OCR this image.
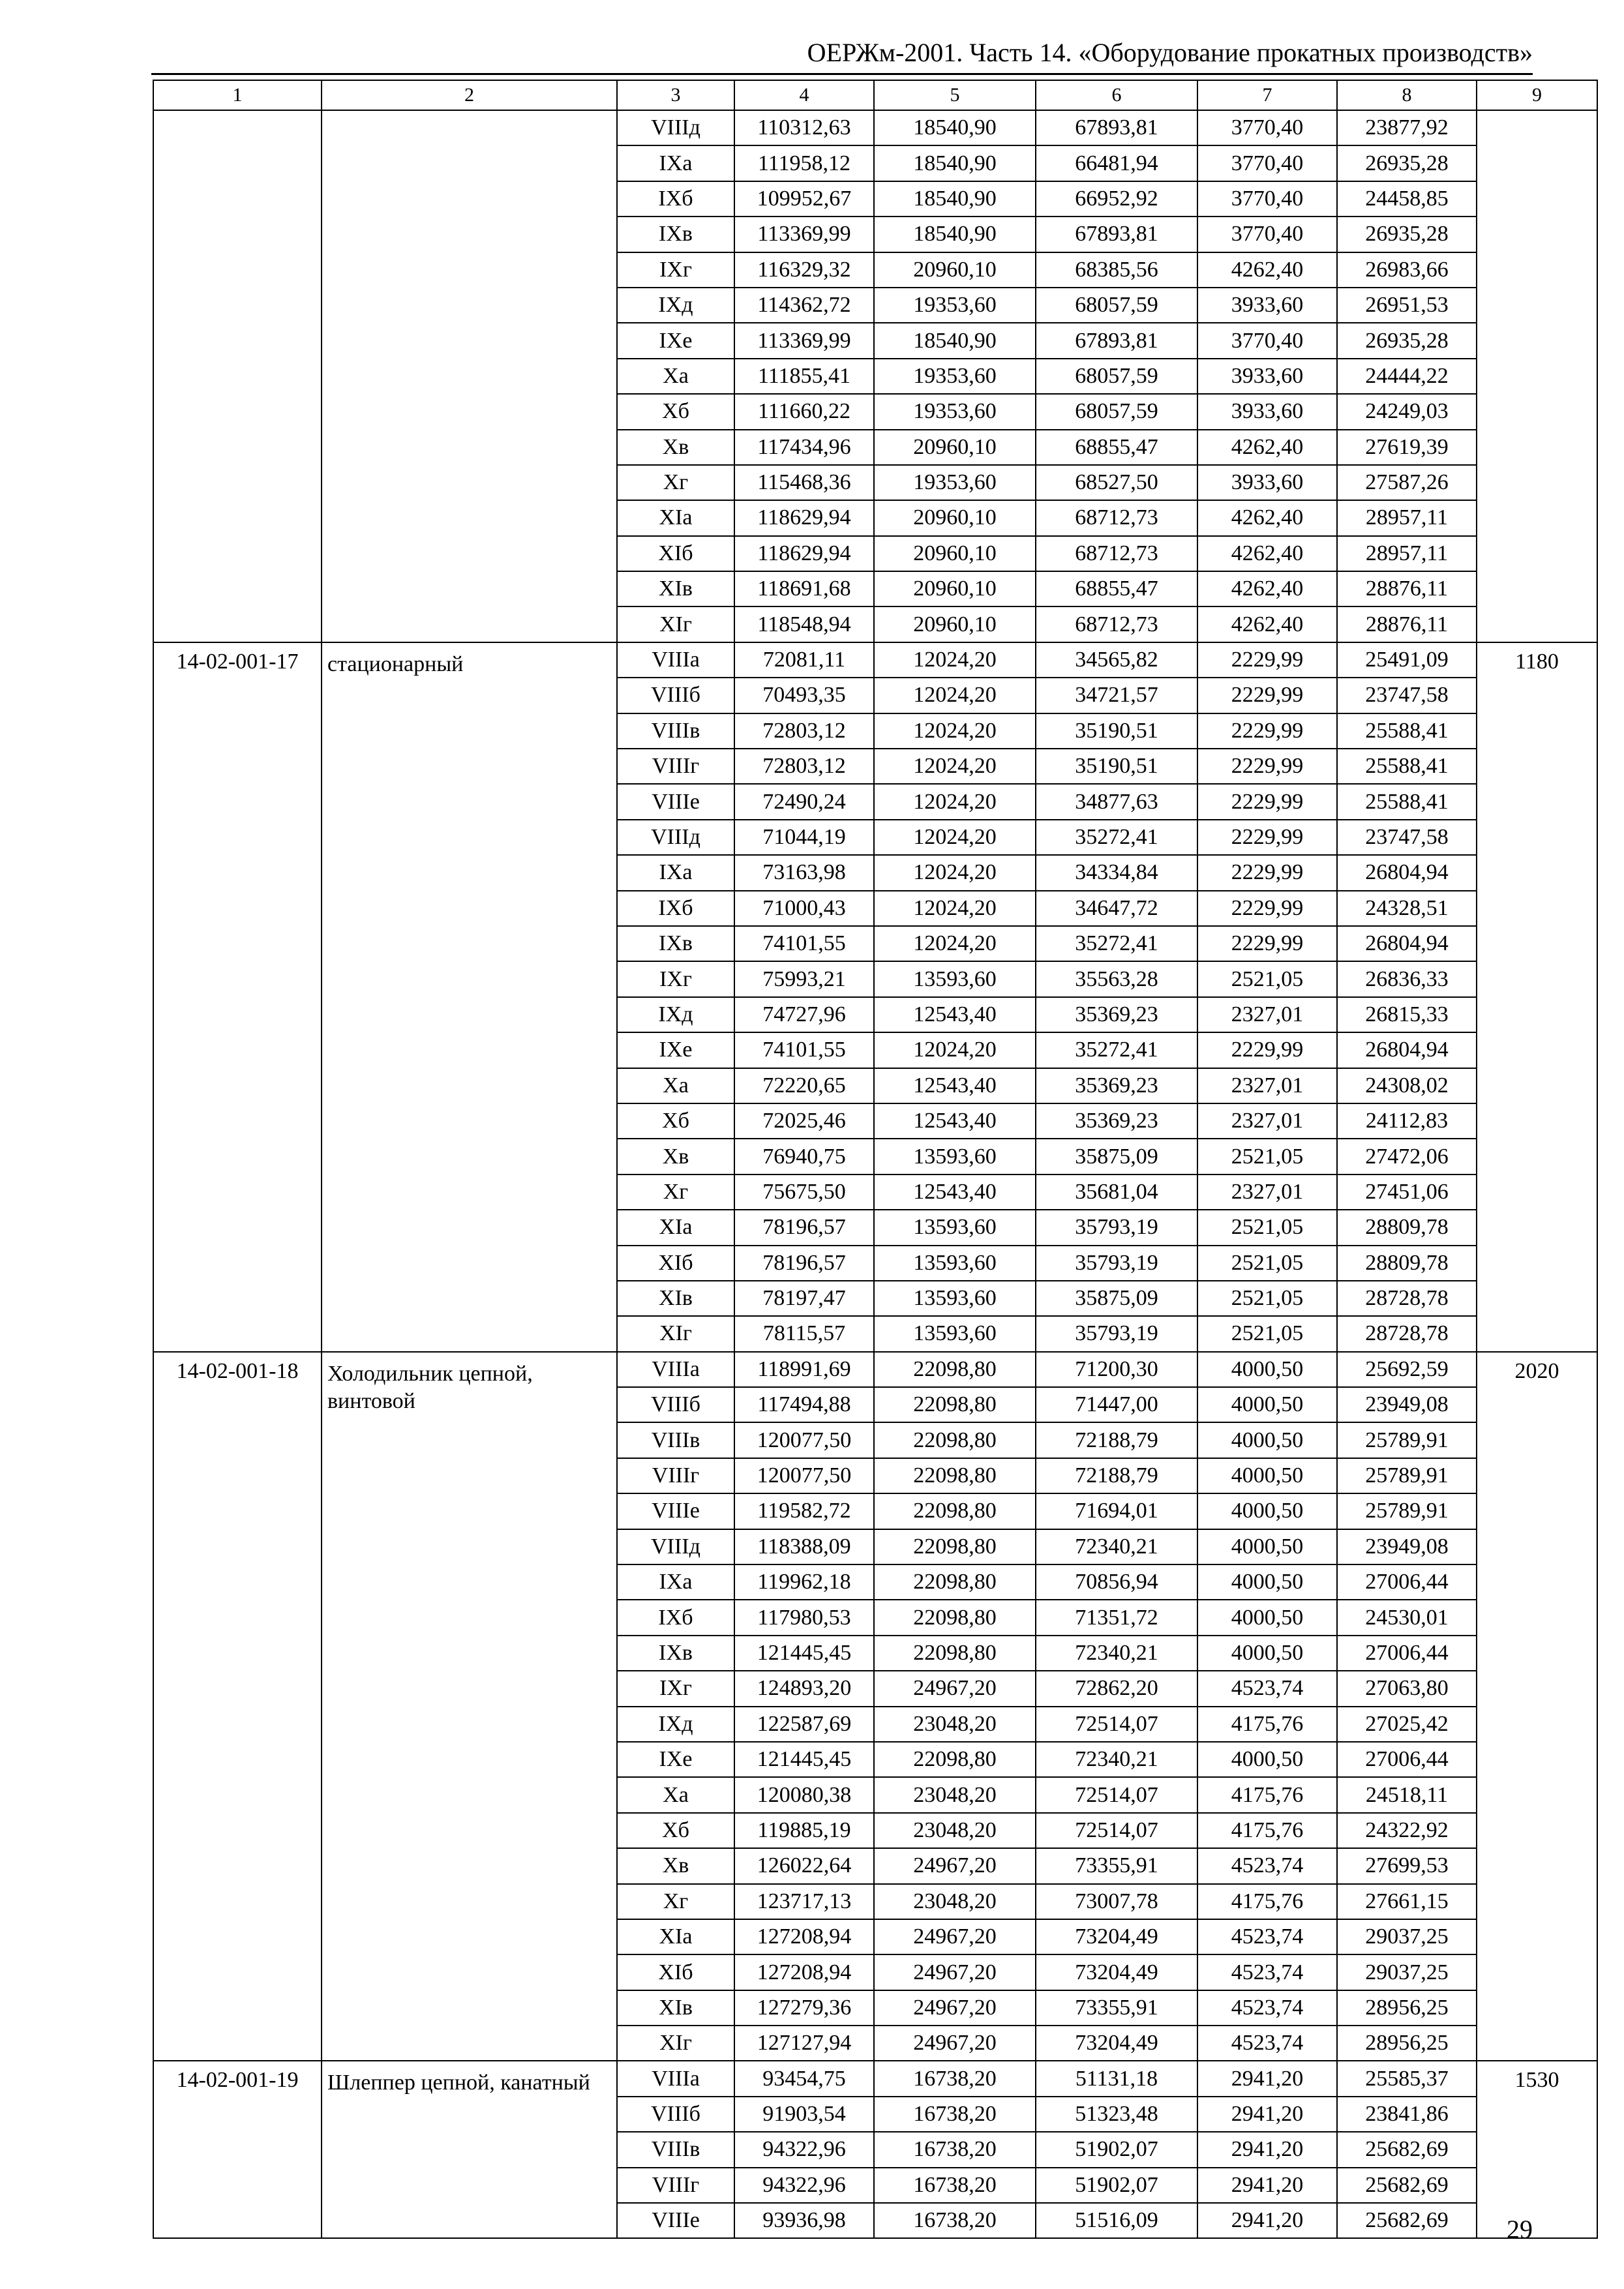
ОЕРЖм-2001. Часть 14. «Оборудование прокатных производств»
1	2	3	4	5	6	7	8	9
		VIIIд	110312,63	18540,90	67893,81	3770,40	23877,92	
		IXа	111958,12	18540,90	66481,94	3770,40	26935,28	
		IXб	109952,67	18540,90	66952,92	3770,40	24458,85	
		IXв	113369,99	18540,90	67893,81	3770,40	26935,28	
		IXг	116329,32	20960,10	68385,56	4262,40	26983,66	
		IXд	114362,72	19353,60	68057,59	3933,60	26951,53	
		IXе	113369,99	18540,90	67893,81	3770,40	26935,28	
		Xа	111855,41	19353,60	68057,59	3933,60	24444,22	
		Xб	111660,22	19353,60	68057,59	3933,60	24249,03	
		Xв	117434,96	20960,10	68855,47	4262,40	27619,39	
		Xг	115468,36	19353,60	68527,50	3933,60	27587,26	
		XIа	118629,94	20960,10	68712,73	4262,40	28957,11	
		XIб	118629,94	20960,10	68712,73	4262,40	28957,11	
		XIв	118691,68	20960,10	68855,47	4262,40	28876,11	
		XIг	118548,94	20960,10	68712,73	4262,40	28876,11	
14-02-001-17	стационарный	VIIIа	72081,11	12024,20	34565,82	2229,99	25491,09	1180
		VIIIб	70493,35	12024,20	34721,57	2229,99	23747,58	
		VIIIв	72803,12	12024,20	35190,51	2229,99	25588,41	
		VIIIг	72803,12	12024,20	35190,51	2229,99	25588,41	
		VIIIе	72490,24	12024,20	34877,63	2229,99	25588,41	
		VIIIд	71044,19	12024,20	35272,41	2229,99	23747,58	
		IXа	73163,98	12024,20	34334,84	2229,99	26804,94	
		IXб	71000,43	12024,20	34647,72	2229,99	24328,51	
		IXв	74101,55	12024,20	35272,41	2229,99	26804,94	
		IXг	75993,21	13593,60	35563,28	2521,05	26836,33	
		IXд	74727,96	12543,40	35369,23	2327,01	26815,33	
		IXе	74101,55	12024,20	35272,41	2229,99	26804,94	
		Xа	72220,65	12543,40	35369,23	2327,01	24308,02	
		Xб	72025,46	12543,40	35369,23	2327,01	24112,83	
		Xв	76940,75	13593,60	35875,09	2521,05	27472,06	
		Xг	75675,50	12543,40	35681,04	2327,01	27451,06	
		XIа	78196,57	13593,60	35793,19	2521,05	28809,78	
		XIб	78196,57	13593,60	35793,19	2521,05	28809,78	
		XIв	78197,47	13593,60	35875,09	2521,05	28728,78	
		XIг	78115,57	13593,60	35793,19	2521,05	28728,78	
14-02-001-18	Холодильник цепной, винтовой	VIIIа	118991,69	22098,80	71200,30	4000,50	25692,59	2020
		VIIIб	117494,88	22098,80	71447,00	4000,50	23949,08	
		VIIIв	120077,50	22098,80	72188,79	4000,50	25789,91	
		VIIIг	120077,50	22098,80	72188,79	4000,50	25789,91	
		VIIIе	119582,72	22098,80	71694,01	4000,50	25789,91	
		VIIIд	118388,09	22098,80	72340,21	4000,50	23949,08	
		IXа	119962,18	22098,80	70856,94	4000,50	27006,44	
		IXб	117980,53	22098,80	71351,72	4000,50	24530,01	
		IXв	121445,45	22098,80	72340,21	4000,50	27006,44	
		IXг	124893,20	24967,20	72862,20	4523,74	27063,80	
		IXд	122587,69	23048,20	72514,07	4175,76	27025,42	
		IXе	121445,45	22098,80	72340,21	4000,50	27006,44	
		Xа	120080,38	23048,20	72514,07	4175,76	24518,11	
		Xб	119885,19	23048,20	72514,07	4175,76	24322,92	
		Xв	126022,64	24967,20	73355,91	4523,74	27699,53	
		Xг	123717,13	23048,20	73007,78	4175,76	27661,15	
		XIа	127208,94	24967,20	73204,49	4523,74	29037,25	
		XIб	127208,94	24967,20	73204,49	4523,74	29037,25	
		XIв	127279,36	24967,20	73355,91	4523,74	28956,25	
		XIг	127127,94	24967,20	73204,49	4523,74	28956,25	
14-02-001-19	Шлеппер цепной, канатный	VIIIа	93454,75	16738,20	51131,18	2941,20	25585,37	1530
		VIIIб	91903,54	16738,20	51323,48	2941,20	23841,86	
		VIIIв	94322,96	16738,20	51902,07	2941,20	25682,69	
		VIIIг	94322,96	16738,20	51902,07	2941,20	25682,69	
		VIIIе	93936,98	16738,20	51516,09	2941,20	25682,69	29
